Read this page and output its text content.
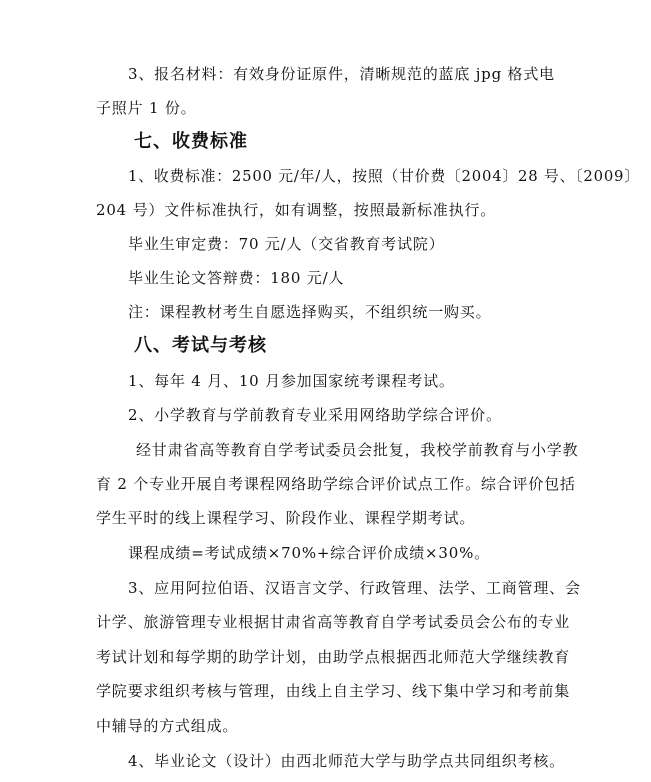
3、报名材料：有效身份证原件，清晰规范的蓝底 jpg 格式电
子照片 1 份。
七、收费标准
1、收费标准：2500 元/年/人，按照（甘价费〔2004〕28 号、〔2009〕
204 号）文件标准执行，如有调整，按照最新标准执行。
毕业生审定费：70 元/人（交省教育考试院）
毕业生论文答辩费：180 元/人
注：课程教材考生自愿选择购买，不组织统一购买。
八、考试与考核
1、每年 4 月、10 月参加国家统考课程考试。
2、小学教育与学前教育专业采用网络助学综合评价。
经甘肃省高等教育自学考试委员会批复，我校学前教育与小学教
育 2 个专业开展自考课程网络助学综合评价试点工作。综合评价包括
学生平时的线上课程学习、阶段作业、课程学期考试。
课程成绩=考试成绩×70%+综合评价成绩×30%。
3、应用阿拉伯语、汉语言文学、行政管理、法学、工商管理、会
计学、旅游管理专业根据甘肃省高等教育自学考试委员会公布的专业
考试计划和每学期的助学计划，由助学点根据西北师范大学继续教育
学院要求组织考核与管理，由线上自主学习、线下集中学习和考前集
中辅导的方式组成。
4、毕业论文（设计）由西北师范大学与助学点共同组织考核。
